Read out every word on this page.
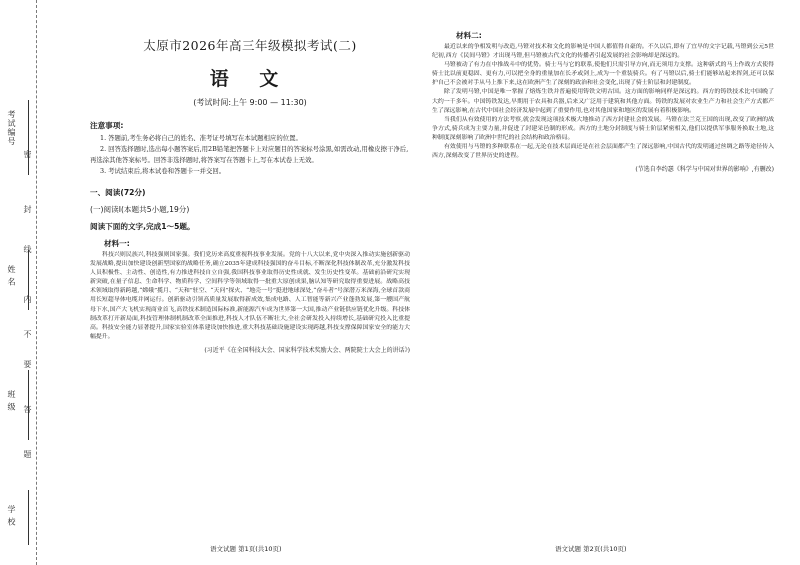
考试编号
姓 名
班 级
学 校
密
封
线
内
不
要
答
题
太原市2026年高三年级模拟考试(二)
语 文
(考试时间:上午 9:00 — 11:30)
注意事项:

1. 答题前,考生务必将自己的姓名、准考证号填写在本试题相应的位置。

2. 回答选择题时,选出每小题答案后,用2B铅笔把答题卡上对应题目的答案标号涂黑,如需改动,用橡皮擦干净后,再选涂其他答案标号。回答非选择题时,将答案写在答题卡上,写在本试卷上无效。

3. 考试结束后,将本试卷和答题卡一并交回。

一、阅读(72分)
(一)阅读I(本题共5小题,19分)
阅读下面的文字,完成1～5题。
材料一:

科技兴则民族兴,科技强则国家强。我们党历来高度重视科技事业发展。党的十八大以来,党中央深入推动实施创新驱动发展战略,提出加快建设创新型国家的战略任务,确立2035年建成科技强国的奋斗目标,不断深化科技体制改革,充分激发科技人员积极性、主动性、创造性,有力推进科技自立自强,我国科技事业取得历史性成就、发生历史性变革。基础前沿研究实现新突破,在量子信息、生命科学、物质科学、空间科学等领域取得一批重大原创成果,脑认知等研究取得重要进展。战略高技术领域取得新跨越,“嫦娥”揽月、“天和”驻空、“天问”探火、“地壳一号”挺进地球深处,“奋斗者”号深潜万米深海,全球首款商用长短超导体电缆并网运行。创新驱动引领高质量发展取得新成效,集成电路、人工智能等新兴产业蓬勃发展,第一艘国产航母下水,国产大飞机实现商业首飞,高铁技术制造国际标准,新能源汽车成为世界第一大国,推动产业链供应链优化升级。科技体制改革打开新局面,科技管理体制机制改革全面推进,科技人才队伍不断壮大,全社会研发投入持续增长,基础研究投入比重提高。科技安全能力显著提升,国家实验室体系建设加快推进,重大科技基础设施建设实现跨越,科技支撑保障国家安全的能力大幅提升。

(习近平《在全国科技大会、国家科学技术奖励大会、两院院士大会上的讲话》)

材料二:

最近以来的争相发明与改造,马镫对技术和文化的影响是中国人都值得自豪的。不久以后,即有了宜早的文字记载,马镫到公元5世纪初,西方《民间马镫》才出现马镫,但马镫被古代文化的传播者引起发展的社会影响却是深远的。

马镫被动了有力在中推战斗中的优势。骑士马与它的联系,使他们只需引导方向,而无须用力支撑。这种新式的马上作战方式使得骑士比以前更稳固、更有力,可以把全身的重量加在长矛或剑上,成为一个重装骑兵。有了马镫以后,骑士们能够站起来挥剑,还可以保护自己不会被对手从马上推下来,这在欧洲产生了深刻的政治和社会变化,出现了骑士阶层和封建制度。

除了发明马镫,中国是唯一掌握了熔炼生铁并普遍使用铸铁文明古国。这方面的影响同样是深远的。西方的铸铁技术比中国晚了大约一千多年。中国铸铁发达,早期用于农具和兵器,后来又广泛用于建筑和其他方面。铸铁的发展对农业生产力和社会生产方式都产生了深远影响,在古代中国社会经济发展中起到了重要作用,也对其他国家和地区的发展有着积极影响。

当我们从有效使用的方法考察,就会发现这项技术极大地推动了西方封建社会的发展。马镫在法兰克王国的出现,改变了欧洲的战争方式,骑兵成为主要力量,并促进了封建采邑制的形成。西方的土地分封制度与骑士阶层紧密相关,他们以提供军事服务换取土地,这种制度深刻影响了欧洲中世纪的社会结构和政治格局。

有效使用与马镫的多种联系在一起,无论在技术层面还是在社会层面都产生了深远影响,中国古代的发明通过丝绸之路等途径传入西方,深刻改变了世界历史的进程。

(节选自李约瑟《科学与中国对世界的影响》,有删改)

语文试题 第1页(共10页)	语文试题 第2页(共10页)
